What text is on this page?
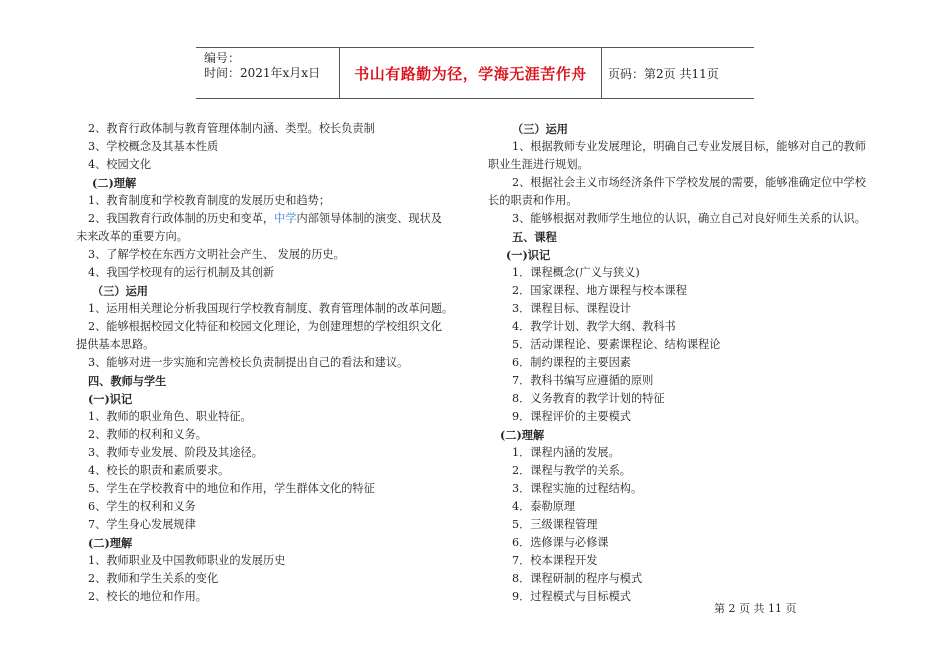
编号：
时间：2021年x月x日	书山有路勤为径，学海无涯苦作舟	页码：第2页 共11页
2、教育行政体制与教育管理体制内涵、类型。校长负责制
3、学校概念及其基本性质
4、校园文化
(二)理解
1、教育制度和学校教育制度的发展历史和趋势；
2、我国教育行政体制的历史和变革，中学内部领导体制的演变、现状及
未来改革的重要方向。
3、了解学校在东西方文明社会产生、 发展的历史。
4、我国学校现有的运行机制及其创新
（三）运用
1、运用相关理论分析我国现行学校教育制度、教育管理体制的改革问题。
2、能够根据校园文化特征和校园文化理论，为创建理想的学校组织文化
提供基本思路。
3、能够对进一步实施和完善校长负责制提出自己的看法和建议。
四、教师与学生
(一)识记
1、教师的职业角色、职业特征。
2、教师的权利和义务。
3、教师专业发展、阶段及其途径。
4、校长的职责和素质要求。
5、学生在学校教育中的地位和作用，学生群体文化的特征
6、学生的权利和义务
7、学生身心发展规律
(二)理解
1、教师职业及中国教师职业的发展历史
2、教师和学生关系的变化
2、校长的地位和作用。
（三）运用
1、根据教师专业发展理论，明确自己专业发展目标，能够对自己的教师
职业生涯进行规划。
2、根据社会主义市场经济条件下学校发展的需要，能够准确定位中学校
长的职责和作用。
3、能够根据对教师学生地位的认识，确立自己对良好师生关系的认识。
五、课程
(一)识记
1．课程概念(广义与狭义)
2．国家课程、地方课程与校本课程
3．课程目标、课程设计
4．教学计划、教学大纲、教科书
5．活动课程论、要素课程论、结构课程论
6．制约课程的主要因素
7．教科书编写应遵循的原则
8．义务教育的教学计划的特征
9．课程评价的主要模式
(二)理解
1．课程内涵的发展。
2．课程与教学的关系。
3．课程实施的过程结构。
4．泰勒原理
5．三级课程管理
6．选修课与必修课
7．校本课程开发
8．课程研制的程序与模式
9．过程模式与目标模式
第 2 页 共 11 页
